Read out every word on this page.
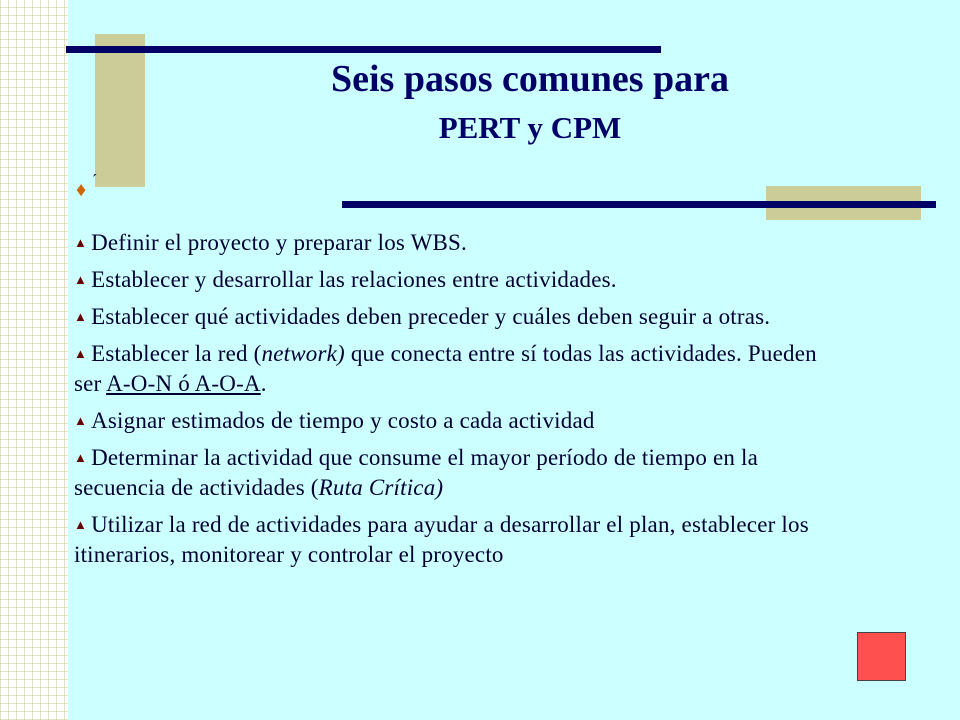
Seis pasos comunes para
PERT y CPM
♦ ´
▲ Definir el proyecto y preparar los WBS.
▲ Establecer y desarrollar las relaciones entre actividades.
▲ Establecer qué actividades deben preceder y cuáles deben seguir a otras.
▲ Establecer la red (network) que conecta entre sí todas las actividades. Pueden ser A-O-N ó A-O-A.
▲ Asignar estimados de tiempo y costo a cada actividad
▲ Determinar la actividad que consume el mayor período de tiempo en la secuencia de actividades (Ruta Crítica)
▲ Utilizar la red de actividades para ayudar a desarrollar el plan, establecer los itinerarios, monitorear y controlar el proyecto
